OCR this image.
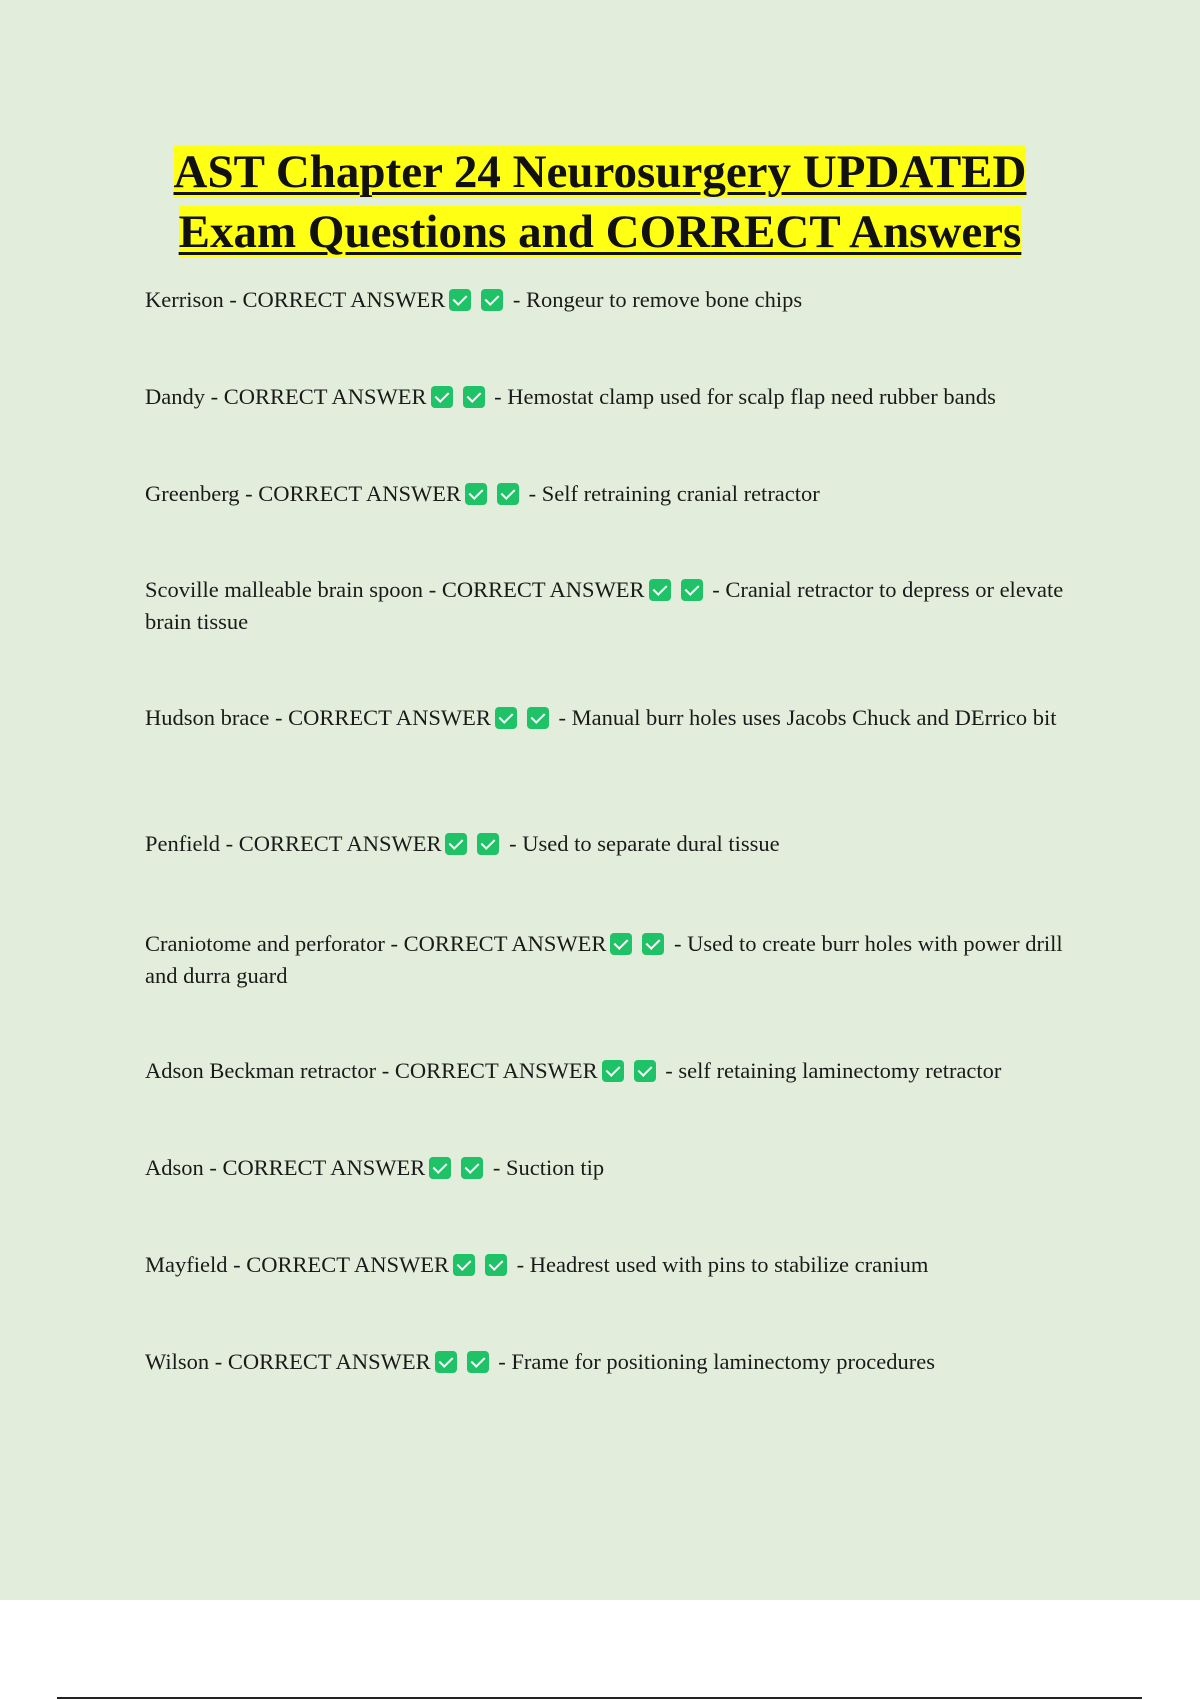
AST Chapter 24 Neurosurgery UPDATED
Exam Questions and CORRECT Answers
Kerrison - CORRECT ANSWER	- Rongeur to remove bone chips
Dandy - CORRECT ANSWER	- Hemostat clamp used for scalp flap need rubber bands
Greenberg - CORRECT ANSWER	- Self retraining cranial retractor
Scoville malleable brain spoon - CORRECT ANSWER	- Cranial retractor to depress or elevate brain tissue
Hudson brace - CORRECT ANSWER	- Manual burr holes uses Jacobs Chuck and DErrico bit
Penfield - CORRECT ANSWER	- Used to separate dural tissue
Craniotome and perforator - CORRECT ANSWER	- Used to create burr holes with power drill and durra guard
Adson Beckman retractor - CORRECT ANSWER	- self retaining laminectomy retractor
Adson - CORRECT ANSWER	- Suction tip
Mayfield - CORRECT ANSWER	- Headrest used with pins to stabilize cranium
Wilson - CORRECT ANSWER	- Frame for positioning laminectomy procedures
